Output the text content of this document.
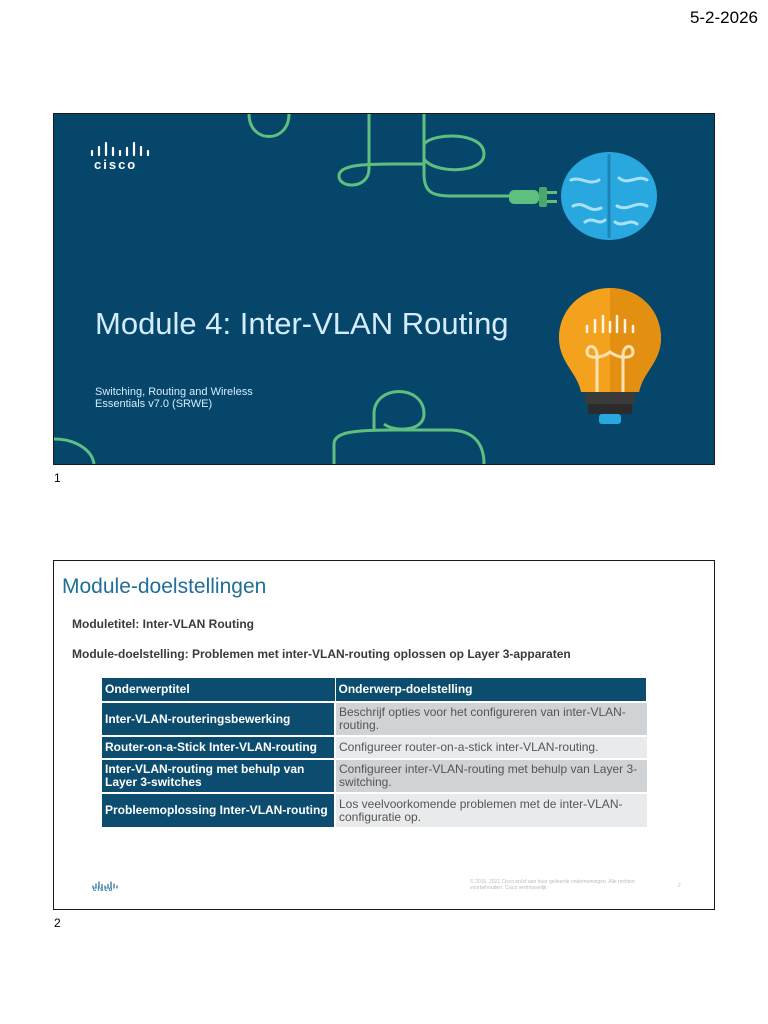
5-2-2026
cisco
Module 4: Inter-VLAN Routing
Switching, Routing and Wireless Essentials v7.0 (SRWE)
1
Module-doelstellingen
Moduletitel: Inter-VLAN Routing
Module-doelstelling: Problemen met inter-VLAN-routing oplossen op Layer 3-apparaten
Onderwerptitel	Onderwerp-doelstelling
Inter-VLAN-routeringsbewerking	Beschrijf opties voor het configureren van inter-VLAN-routing.
Router-on-a-Stick Inter-VLAN-routing	Configureer router-on-a-stick inter-VLAN-routing.
Inter-VLAN-routing met behulp van Layer 3-switches	Configureer inter-VLAN-routing met behulp van Layer 3-switching.
Probleemoplossing Inter-VLAN-routing	Los veelvoorkomende problemen met de inter-VLAN-configuratie op.
cisco
© 2016, 2021 Cisco en/of aan haar gelieerde ondernemingen. Alle rechten voorbehouden. Cisco vertrouwelijk	2
2
